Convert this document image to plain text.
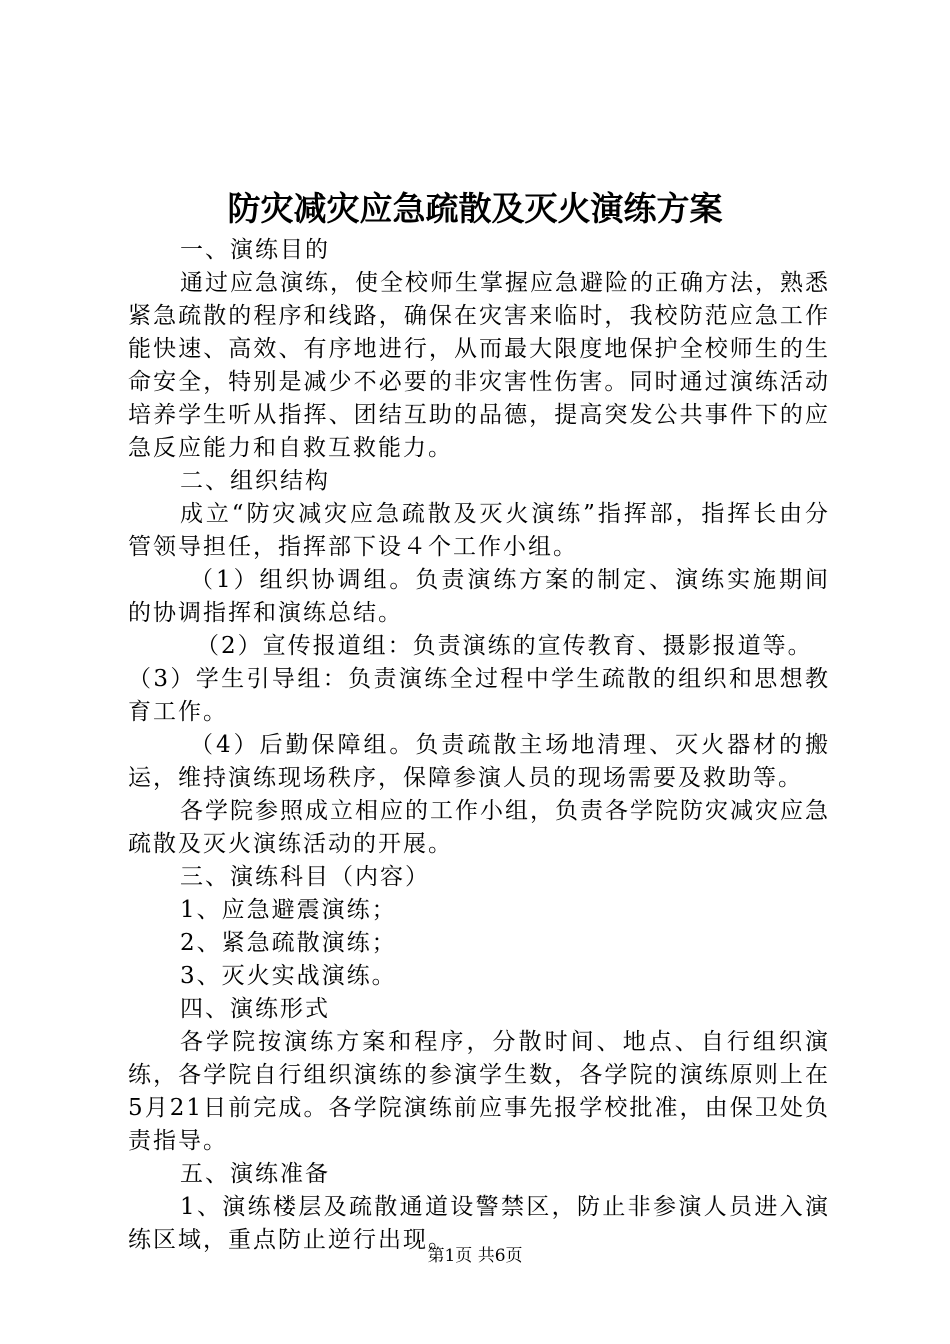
防灾减灾应急疏散及灭火演练方案

一、演练目的

通过应急演练，使全校师生掌握应急避险的正确方法，熟悉紧急疏散的程序和线路，确保在灾害来临时，我校防范应急工作能快速、高效、有序地进行，从而最大限度地保护全校师生的生命安全，特别是减少不必要的非灾害性伤害。同时通过演练活动培养学生听从指挥、团结互助的品德，提高突发公共事件下的应急反应能力和自救互救能力。

二、组织结构

成立“防灾减灾应急疏散及灭火演练”指挥部，指挥长由分管领导担任，指挥部下设４个工作小组。

（1）组织协调组。负责演练方案的制定、演练实施期间的协调指挥和演练总结。

（2）宣传报道组：负责演练的宣传教育、摄影报道等。

（3）学生引导组：负责演练全过程中学生疏散的组织和思想教育工作。

（4）后勤保障组。负责疏散主场地清理、灭火器材的搬运，维持演练现场秩序，保障参演人员的现场需要及救助等。

各学院参照成立相应的工作小组，负责各学院防灾减灾应急疏散及灭火演练活动的开展。

三、演练科目（内容）

1、应急避震演练；

2、紧急疏散演练；

3、灭火实战演练。

四、演练形式

各学院按演练方案和程序，分散时间、地点、自行组织演练，各学院自行组织演练的参演学生数，各学院的演练原则上在5月21日前完成。各学院演练前应事先报学校批准，由保卫处负责指导。

五、演练准备

1、演练楼层及疏散通道设警禁区，防止非参演人员进入演练区域，重点防止逆行出现。

第1页 共6页
